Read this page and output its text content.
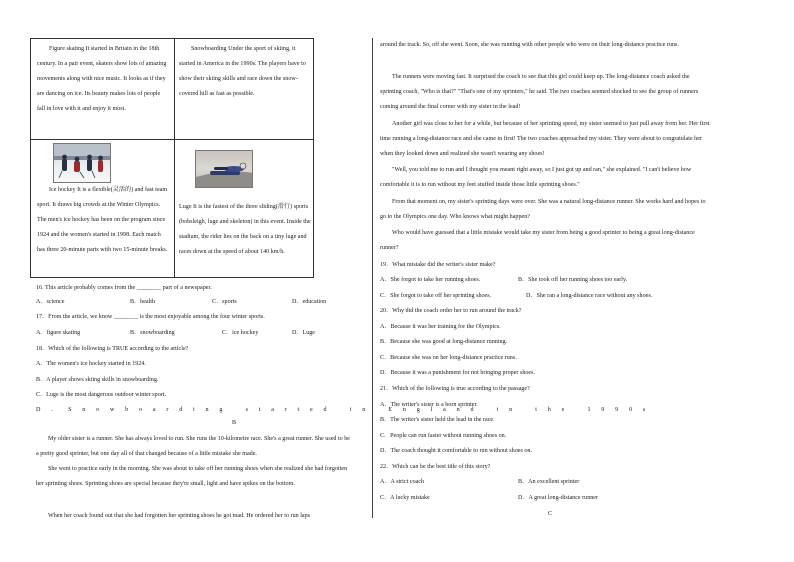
Figure skating It started in Britain in the 18th century. In a pair event, skaters show lots of amazing movements along with nice music. It looks as if they are dancing on ice. Its beauty makes lots of people fall in love with it and enjoy it most.
Snowboarding Under the sport of skiing, it started in America in the 1990s. The players have to show their skiing skills and race down the snow-covered hill as fast as possible.
Ice hockey It is a flexible(灵活的) and fast team sport. It draws big crowds at the Winter Olympics. The men's ice hockey has been on the program since 1924 and the women's started in 1998. Each match has three 20-minute parts with two 15-minute breaks.
Luge It is the fastest of the three sliding(滑行) sports (bobsleigh, luge and skeleton) in this event. Inside the stadium, the rider lies on the back on a tiny luge and races down at the speed of about 140 km/h.
16. This article probably comes from the ________ part of a newspaper.
A．science	B．health	C．sports	D．education
17．From the article, we know ________ is the most enjoyable among the four winter sports.
A．figure skating	B．snowboarding	C．ice hockey	D．Luge
18．Which of the following is TRUE according to the article?
A．The women's ice hockey started in 1924.
B．A player shows skiing skills in snowboarding.
C．Luge is the most dangerous outdoor winter sport.
D．Snowboarding started in England in the 1990s
B
My older sister is a runner. She has always loved to run. She runs the 10-kilometre race. She's a great runner. She used to be a pretty good sprinter, but one day all of that changed because of a little mistake she made.
She went to practice early in the morning. She was about to take off her running shoes when she realized she had forgotten her sprinting shoes. Sprinting shoes are special because they're small, light and have spikes on the bottom.
When her coach found out that she had forgotten her sprinting shoes he got mad. He ordered her to run laps
around the track. So, off she went. Soon, she was running with other people who were on their long-distance practice runs.
The runners were moving fast. It surprised the coach to see that this girl could keep up. The long-distance coach asked the sprinting coach, "Who is that?" "That's one of my sprinters," he said. The two coaches seemed shocked to see the group of runners coming around the final corner with my sister in the lead!
Another girl was close to her for a while, but because of her sprinting speed, my sister seemed to just pull away from her. Her first time running a long-distance race and she came in first! The two coaches approached my sister. They were about to congratulate her when they looked down and realized she wasn't wearing any shoes!
"Well, you told me to run and I thought you meant right away, so I just got up and ran," she explained. "I can't believe how comfortable it is to run without my feet stuffed inside those little sprinting shoes."
From that moment on, my sister's sprinting days were over. She was a natural long-distance runner. She works hard and hopes to go to the Olympics one day. Who knows what might happen?
Who would have guessed that a little mistake would take my sister from being a good sprinter to being a great long-distance runner?
19．What mistake did the writer's sister make?
A．She forgot to take her running shoes.	B．She took off her running shoes too early.
C．She forgot to take off her sprinting shoes.	D．She ran a long-distance race without any shoes.
20．Why did the coach order her to run around the track?
A．Because it was her training for the Olympics.
B．Because she was good at long-distance running.
C．Because she was on her long-distance practice runs.
D．Because it was a punishment for not bringing proper shoes.
21．Which of the following is true according to the passage?
A．The writer's sister is a born sprinter.
B．The writer's sister held the lead in the race.
C．People can run faster without running shoes on.
D．The coach thought it comfortable to run without shoes on.
22．Which can be the best title of this story?
A．A strict coach	B．An excellent sprinter
C．A lucky mistake	D．A great long-distance runner
C
